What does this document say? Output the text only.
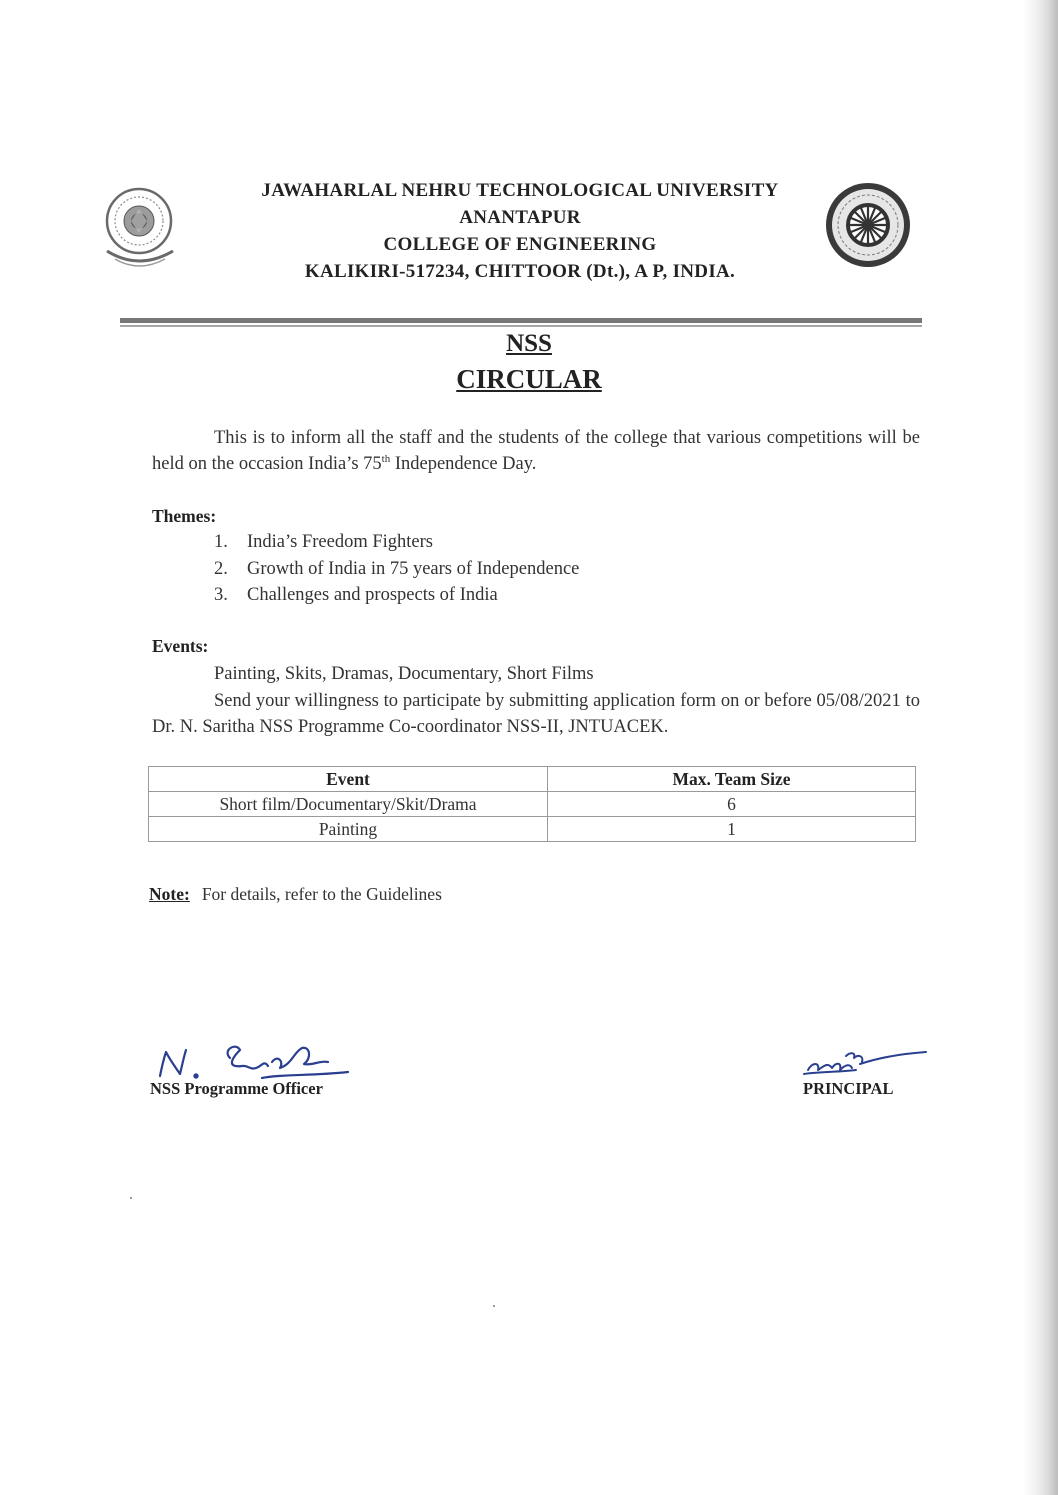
JAWAHARLAL NEHRU TECHNOLOGICAL UNIVERSITY
ANANTAPUR
COLLEGE OF ENGINEERING
KALIKIRI-517234, CHITTOOR (Dt.), A P, INDIA.
NSS
CIRCULAR
This is to inform all the staff and the students of the college that various competitions will be held on the occasion India’s 75th Independence Day.
Themes:
1. India’s Freedom Fighters
2. Growth of India in 75 years of Independence
3. Challenges and prospects of India
Events:
Painting, Skits, Dramas, Documentary, Short Films
Send your willingness to participate by submitting application form on or before 05/08/2021 to Dr. N. Saritha NSS Programme Co-coordinator NSS-II, JNTUACEK.
Event	Max. Team Size
Short film/Documentary/Skit/Drama	6
Painting	1
Note: For details, refer to the Guidelines
NSS Programme Officer	PRINCIPAL
